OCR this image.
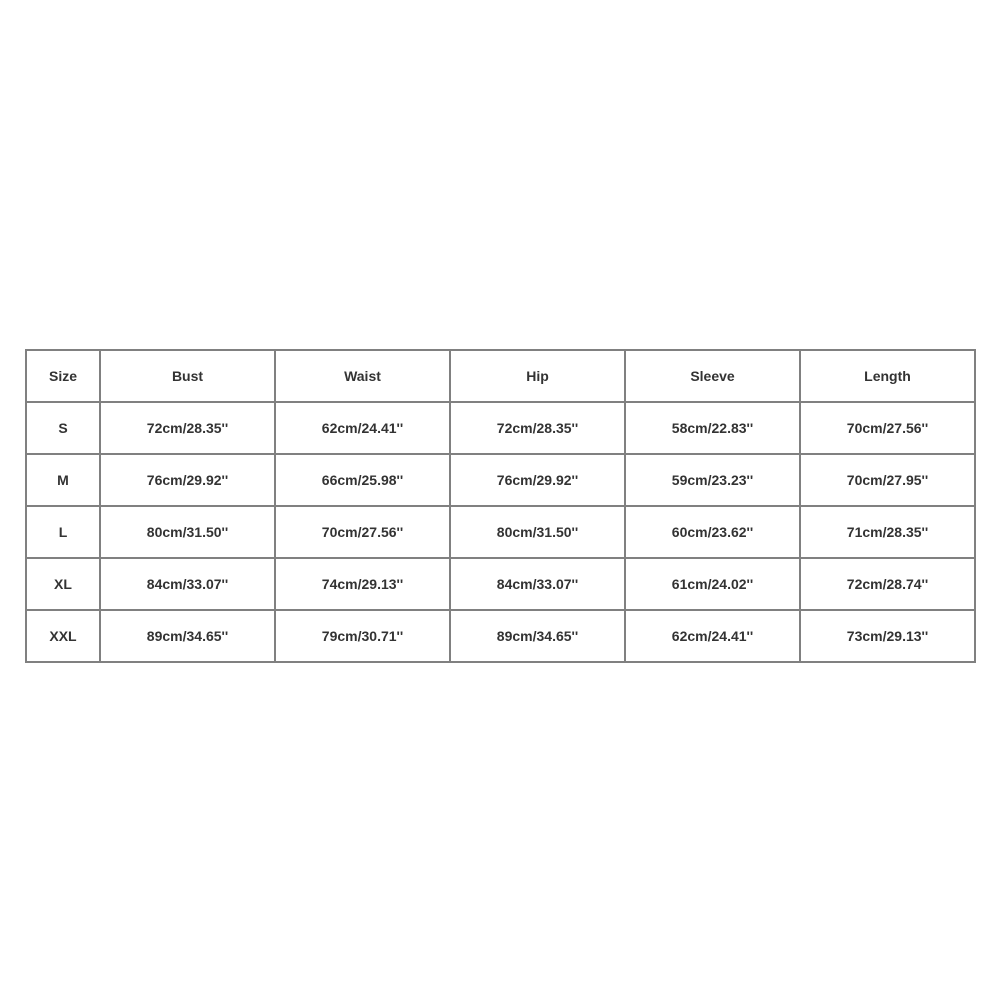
Size	Bust	Waist	Hip	Sleeve	Length
S	72cm/28.35''	62cm/24.41''	72cm/28.35''	58cm/22.83''	70cm/27.56''
M	76cm/29.92''	66cm/25.98''	76cm/29.92''	59cm/23.23''	70cm/27.95''
L	80cm/31.50''	70cm/27.56''	80cm/31.50''	60cm/23.62''	71cm/28.35''
XL	84cm/33.07''	74cm/29.13''	84cm/33.07''	61cm/24.02''	72cm/28.74''
XXL	89cm/34.65''	79cm/30.71''	89cm/34.65''	62cm/24.41''	73cm/29.13''
